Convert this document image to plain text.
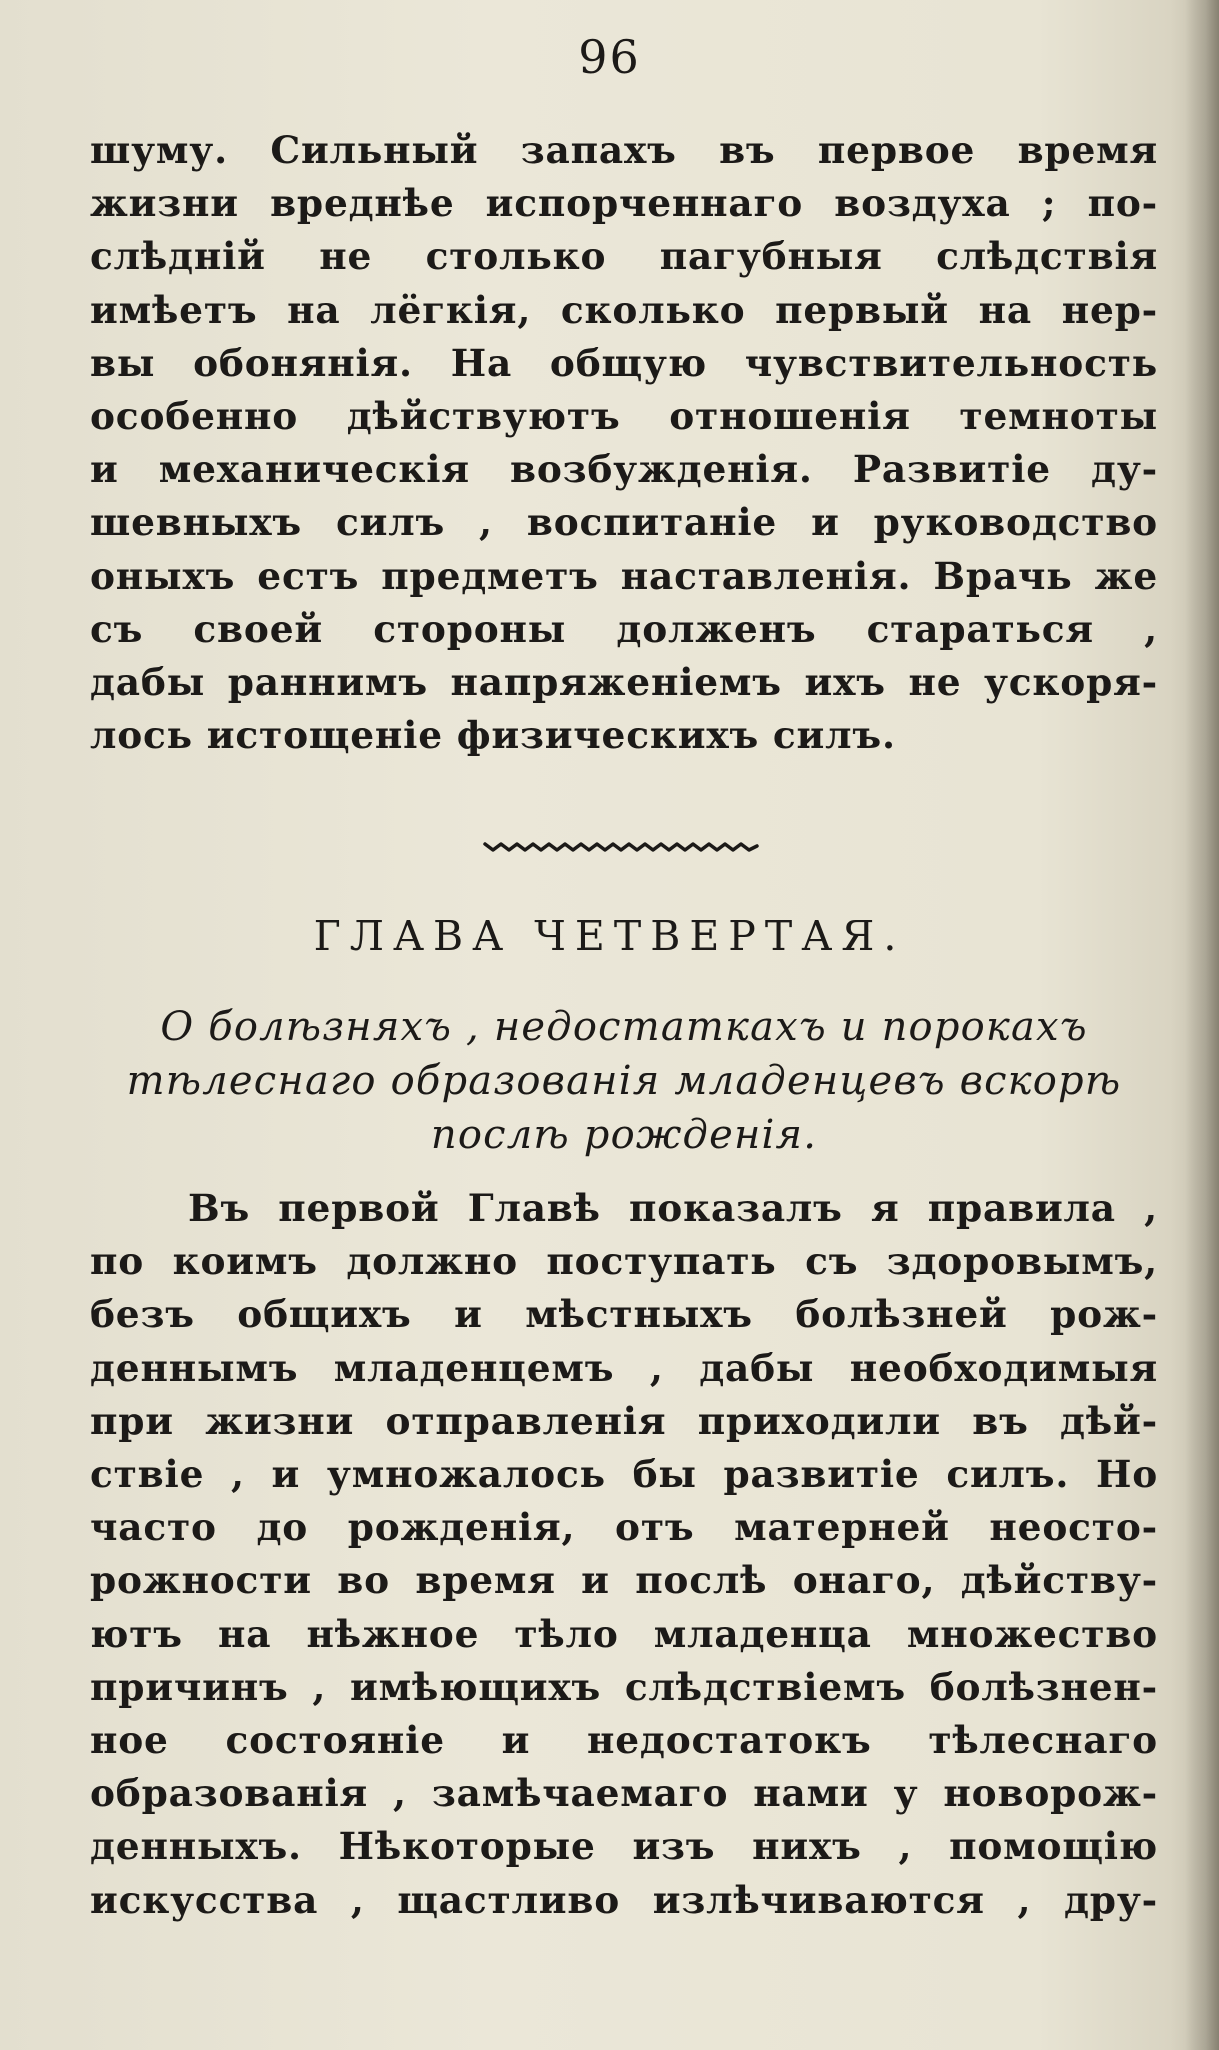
96
шуму. Сильный запахъ въ первое время
жизни вреднѣе испорченнаго воздуха ; по-
слѣдній не столько пагубныя слѣдствія
имѣетъ на лёгкія, сколько первый на нер-
вы обонянія. На общую чувствительность
особенно дѣйствуютъ отношенія темноты
и механическія возбужденія. Развитіе ду-
шевныхъ силъ , воспитаніе и руководство
оныхъ естъ предметъ наставленія. Врачь же
съ своей стороны долженъ стараться ,
дабы раннимъ напряженіемъ ихъ не ускоря-
лось истощеніе физическихъ силъ.
ГЛАВА ЧЕТВЕРТАЯ.
О болѣзняхъ , недостаткахъ и порокахъ
тѣлеснаго образованія младенцевъ вскорѣ
послѣ рожденія.
Въ первой Главѣ показалъ я правила ,
по коимъ должно поступать съ здоровымъ,
безъ общихъ и мѣстныхъ болѣзней рож-
деннымъ младенцемъ , дабы необходимыя
при жизни отправленія приходили въ дѣй-
ствіе , и умножалось бы развитіе силъ. Но
часто до рожденія, отъ матерней неосто-
рожности во время и послѣ онаго, дѣйству-
ютъ на нѣжное тѣло младенца множество
причинъ , имѣющихъ слѣдствіемъ болѣзнен-
ное состояніе и недостатокъ тѣлеснаго
образованія , замѣчаемаго нами у новорож-
денныхъ. Нѣкоторые изъ нихъ , помощію
искусства , щастливо излѣчиваются , дру-
